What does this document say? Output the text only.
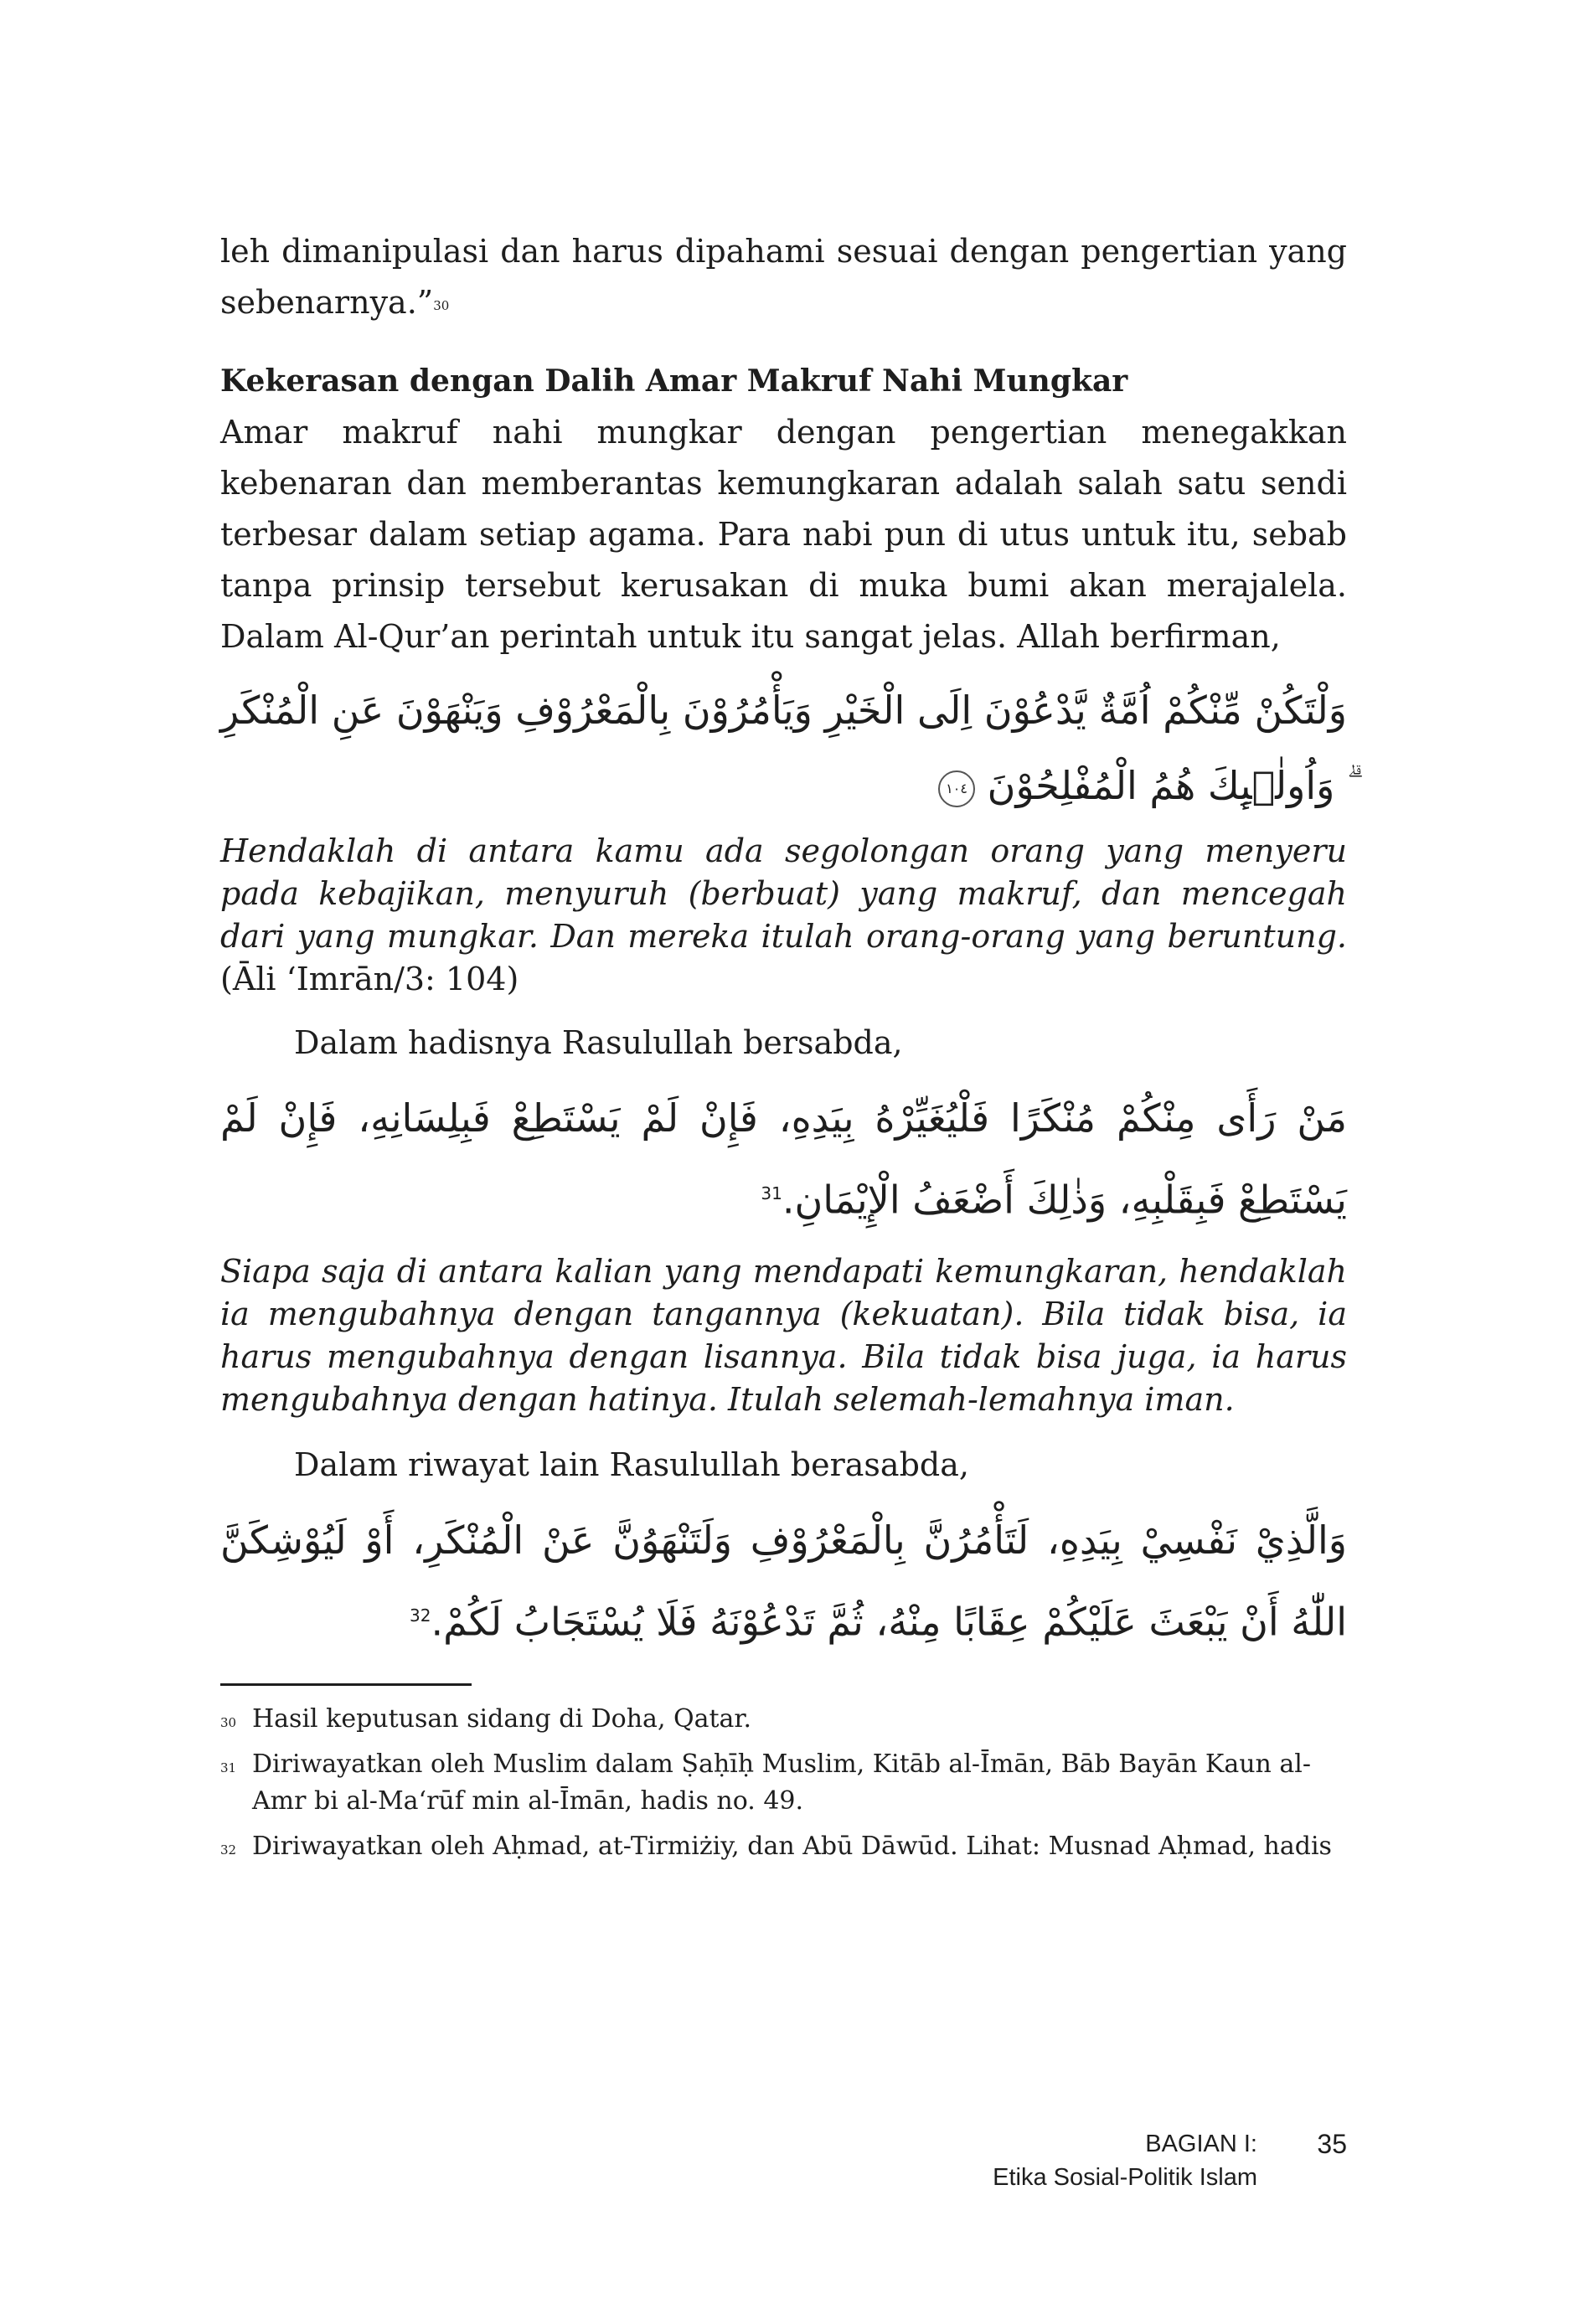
leh dimanipulasi dan harus dipahami sesuai dengan pengertian yang sebenarnya.”$^{30}$

Kekerasan dengan Dalih Amar Makruf Nahi Mungkar

Amar makruf nahi mungkar dengan pengertian menegakkan kebenaran dan memberantas kemungkaran adalah salah satu sendi terbesar dalam setiap agama. Para nabi pun di utus untuk itu, sebab tanpa prinsip tersebut kerusakan di muka bumi akan merajalela. Dalam Al-Qur’an perintah untuk itu sangat jelas. Allah berfirman,

وَلْتَكُنْ مِّنْكُمْ اُمَّةٌ يَّدْعُوْنَ اِلَى الْخَيْرِ وَيَأْمُرُوْنَ بِالْمَعْرُوْفِ وَيَنْهَوْنَ عَنِ الْمُنْكَرِ ۗ وَاُولٰۤىِٕكَ هُمُ الْمُفْلِحُوْنَ ١٠٤

Hendaklah di antara kamu ada segolongan orang yang menyeru pada kebajikan, menyuruh (berbuat) yang makruf, dan mencegah dari yang mungkar. Dan mereka itulah orang-orang yang beruntung. (Āli ‘Imrān/3: 104)

Dalam hadisnya Rasulullah bersabda,

مَنْ رَأَى مِنْكُمْ مُنْكَرًا فَلْيُغَيِّرْهُ بِيَدِهِ، فَإِنْ لَمْ يَسْتَطِعْ فَبِلِسَانِهِ، فَإِنْ لَمْ يَسْتَطِعْ فَبِقَلْبِهِ، وَذٰلِكَ أَضْعَفُ الْإِيْمَانِ.$^{31}$

Siapa saja di antara kalian yang mendapati kemungkaran, hendaklah ia mengubahnya dengan tangannya (kekuatan). Bila tidak bisa, ia harus mengubahnya dengan lisannya. Bila tidak bisa juga, ia harus mengubahnya dengan hatinya. Itulah selemah-lemahnya iman.

Dalam riwayat lain Rasulullah berasabda,

وَالَّذِيْ نَفْسِيْ بِيَدِهِ، لَتَأْمُرُنَّ بِالْمَعْرُوْفِ وَلَتَنْهَوُنَّ عَنْ الْمُنْكَرِ، أَوْ لَيُوْشِكَنَّ اللّٰهُ أَنْ يَبْعَثَ عَلَيْكُمْ عِقَابًا مِنْهُ، ثُمَّ تَدْعُوْنَهُ فَلَا يُسْتَجَابُ لَكُمْ.$^{32}$

$^{30}$ Hasil keputusan sidang di Doha, Qatar.

$^{31}$ Diriwayatkan oleh Muslim dalam Ṣaḥīḥ Muslim, Kitāb al-Īmān, Bāb Bayān Kaun al-Amr bi al-Ma‘rūf min al-Īmān, hadis no. 49.

$^{32}$ Diriwayatkan oleh Aḥmad, at-Tirmiżiy, dan Abū Dāwūd. Lihat: Musnad Aḥmad, hadis

BAGIAN I:
Etika Sosial-Politik Islam
35
